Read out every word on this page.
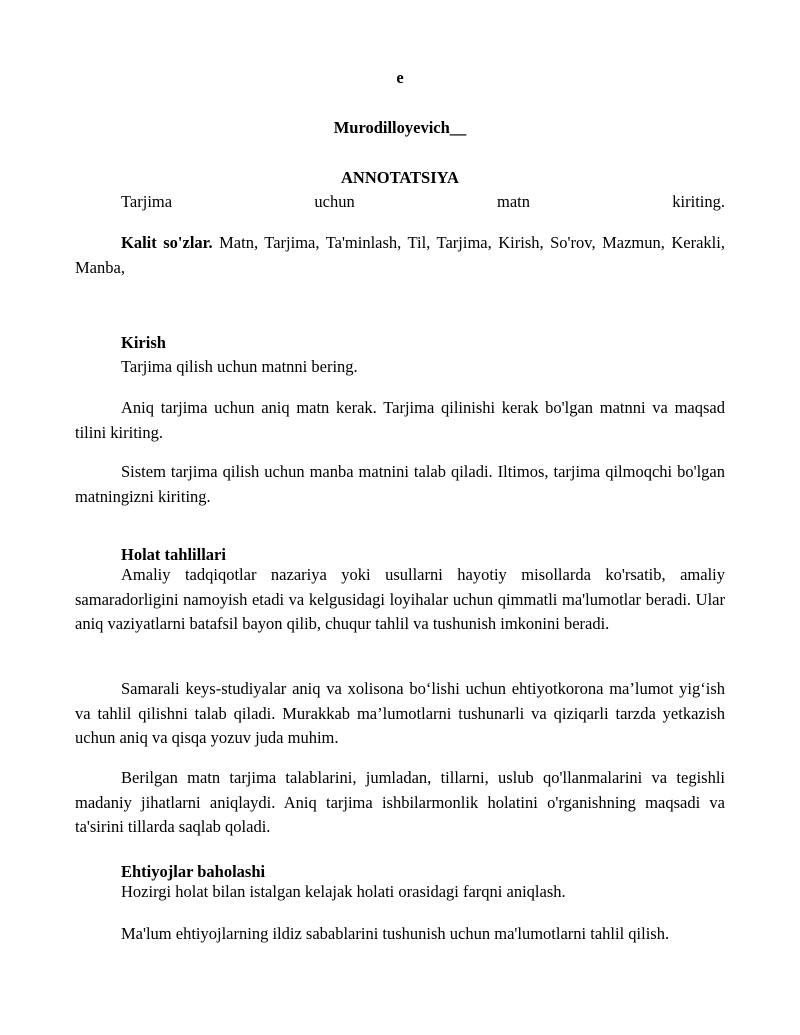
e
Murodilloyevich__
ANNOTATSIYA
Tarjima uchun matn kiriting.
Kalit so'zlar. Matn, Tarjima, Ta'minlash, Til, Tarjima, Kirish, So'rov, Mazmun, Kerakli, Manba,
Kirish
Tarjima qilish uchun matnni bering.
Aniq tarjima uchun aniq matn kerak. Tarjima qilinishi kerak bo'lgan matnni va maqsad tilini kiriting.
Sistem tarjima qilish uchun manba matnini talab qiladi. Iltimos, tarjima qilmoqchi bo'lgan matningizni kiriting.
Holat tahlillari
Amaliy tadqiqotlar nazariya yoki usullarni hayotiy misollarda ko'rsatib, amaliy samaradorligini namoyish etadi va kelgusidagi loyihalar uchun qimmatli ma'lumotlar beradi. Ular aniq vaziyatlarni batafsil bayon qilib, chuqur tahlil va tushunish imkonini beradi.
Samarali keys-studiyalar aniq va xolisona bo‘lishi uchun ehtiyotkorona ma’lumot yig‘ish va tahlil qilishni talab qiladi. Murakkab ma’lumotlarni tushunarli va qiziqarli tarzda yetkazish uchun aniq va qisqa yozuv juda muhim.
Berilgan matn tarjima talablarini, jumladan, tillarni, uslub qo'llanmalarini va tegishli madaniy jihatlarni aniqlaydi. Aniq tarjima ishbilarmonlik holatini o'rganishning maqsadi va ta'sirini tillarda saqlab qoladi.
Ehtiyojlar baholashi
Hozirgi holat bilan istalgan kelajak holati orasidagi farqni aniqlash.
Ma'lum ehtiyojlarning ildiz sabablarini tushunish uchun ma'lumotlarni tahlil qilish.
